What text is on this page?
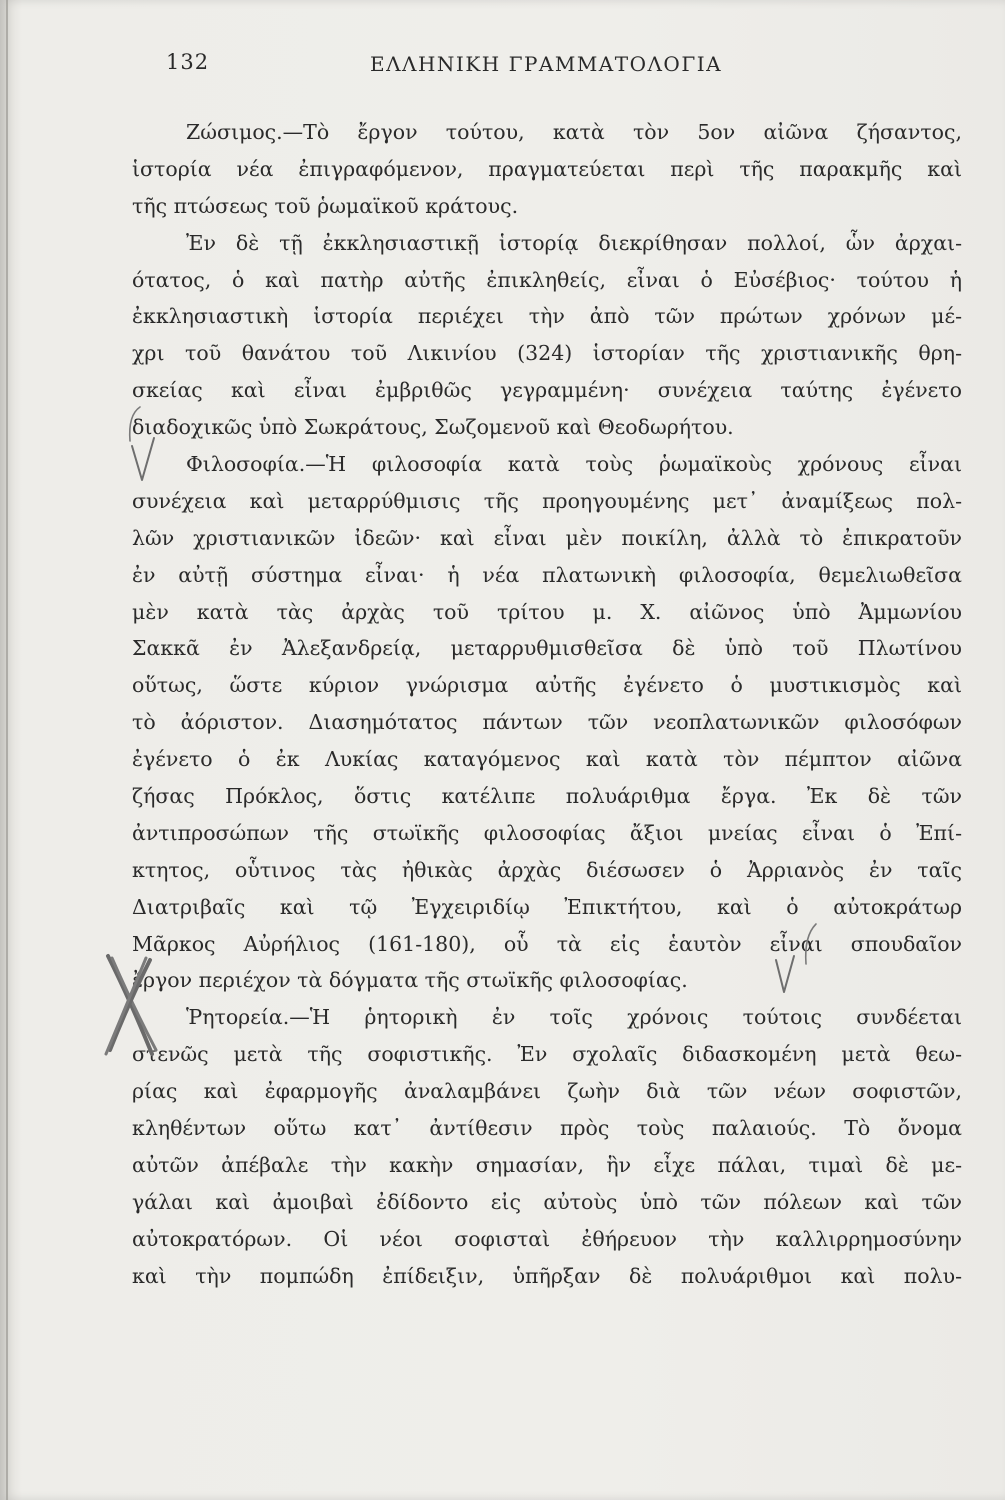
132	ΕΛΛΗΝΙΚΗ ΓΡΑΜΜΑΤΟΛΟΓΙΑ
Ζώσιμος.—Τὸ ἔργον τούτου, κατὰ τὸν 5ον αἰῶνα ζήσαντος,
ἱστορία νέα ἐπιγραφόμενον, πραγματεύεται περὶ τῆς παρακμῆς καὶ
τῆς πτώσεως τοῦ ῥωμαϊκοῦ κράτους.
Ἐν δὲ τῇ ἐκκλησιαστικῇ ἱστορίᾳ διεκρίθησαν πολλοί, ὧν ἀρχαι-
ότατος, ὁ καὶ πατὴρ αὐτῆς ἐπικληθείς, εἶναι ὁ Εὐσέβιος· τούτου ἡ
ἐκκλησιαστικὴ ἱστορία περιέχει τὴν ἀπὸ τῶν πρώτων χρόνων μέ-
χρι τοῦ θανάτου τοῦ Λικινίου (324) ἱστορίαν τῆς χριστιανικῆς θρη-
σκείας καὶ εἶναι ἐμβριθῶς γεγραμμένη· συνέχεια ταύτης ἐγένετο
διαδοχικῶς ὑπὸ Σωκράτους, Σωζομενοῦ καὶ Θεοδωρήτου.
Φιλοσοφία.—Ἡ φιλοσοφία κατὰ τοὺς ῥωμαϊκοὺς χρόνους εἶναι
συνέχεια καὶ μεταρρύθμισις τῆς προηγουμένης μετ᾽ ἀναμίξεως πολ-
λῶν χριστιανικῶν ἰδεῶν· καὶ εἶναι μὲν ποικίλη, ἀλλὰ τὸ ἐπικρατοῦν
ἐν αὐτῇ σύστημα εἶναι· ἡ νέα πλατωνικὴ φιλοσοφία, θεμελιωθεῖσα
μὲν κατὰ τὰς ἀρχὰς τοῦ τρίτου μ. Χ. αἰῶνος ὑπὸ Ἀμμωνίου
Σακκᾶ ἐν Ἀλεξανδρείᾳ, μεταρρυθμισθεῖσα δὲ ὑπὸ τοῦ Πλωτίνου
οὕτως, ὥστε κύριον γνώρισμα αὐτῆς ἐγένετο ὁ μυστικισμὸς καὶ
τὸ ἀόριστον. Διασημότατος πάντων τῶν νεοπλατωνικῶν φιλοσόφων
ἐγένετο ὁ ἐκ Λυκίας καταγόμενος καὶ κατὰ τὸν πέμπτον αἰῶνα
ζήσας Πρόκλος, ὅστις κατέλιπε πολυάριθμα ἔργα. Ἐκ δὲ τῶν
ἀντιπροσώπων τῆς στωϊκῆς φιλοσοφίας ἄξιοι μνείας εἶναι ὁ Ἐπί-
κτητος, οὗτινος τὰς ἠθικὰς ἀρχὰς διέσωσεν ὁ Ἀρριανὸς ἐν ταῖς
Διατριβαῖς καὶ τῷ Ἐγχειριδίῳ Ἐπικτήτου, καὶ ὁ αὐτοκράτωρ
Μᾶρκος Αὐρήλιος (161-180), οὗ τὰ εἰς ἑαυτὸν εἶναι σπουδαῖον
ἔργον περιέχον τὰ δόγματα τῆς στωϊκῆς φιλοσοφίας.
Ῥητορεία.—Ἡ ῥητορικὴ ἐν τοῖς χρόνοις τούτοις συνδέεται
στενῶς μετὰ τῆς σοφιστικῆς. Ἐν σχολαῖς διδασκομένη μετὰ θεω-
ρίας καὶ ἐφαρμογῆς ἀναλαμβάνει ζωὴν διὰ τῶν νέων σοφιστῶν,
κληθέντων οὕτω κατ᾽ ἀντίθεσιν πρὸς τοὺς παλαιούς. Τὸ ὄνομα
αὐτῶν ἀπέβαλε τὴν κακὴν σημασίαν, ἣν εἶχε πάλαι, τιμαὶ δὲ με-
γάλαι καὶ ἀμοιβαὶ ἐδίδοντο εἰς αὐτοὺς ὑπὸ τῶν πόλεων καὶ τῶν
αὐτοκρατόρων. Οἱ νέοι σοφισταὶ ἐθήρευον τὴν καλλιρρημοσύνην
καὶ τὴν πομπώδη ἐπίδειξιν, ὑπῆρξαν δὲ πολυάριθμοι καὶ πολυ-
